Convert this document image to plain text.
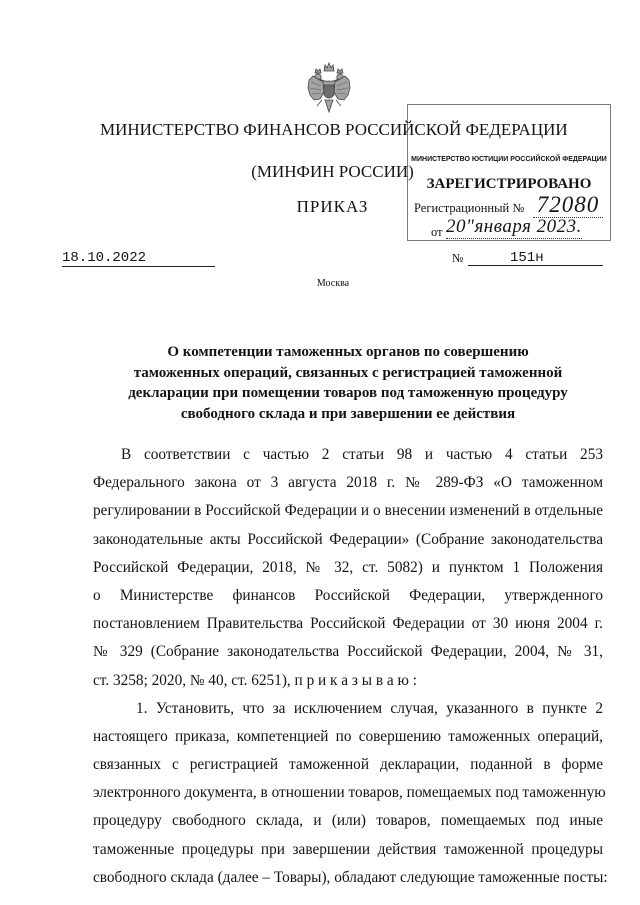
МИНИСТЕРСТВО ФИНАНСОВ РОССИЙСКОЙ ФЕДЕРАЦИИ
(МИНФИН РОССИИ)
ПРИКАЗ
МИНИСТЕРСТВО ЮСТИЦИИ РОССИЙСКОЙ ФЕДЕРАЦИИ
ЗАРЕГИСТРИРОВАНО
Регистрационный № 72080
от 20"января 2023.
18.10.2022	№	151н
Москва
О компетенции таможенных органов по совершению
таможенных операций, связанных с регистрацией таможенной
декларации при помещении товаров под таможенную процедуру
свободного склада и при завершении ее действия
В соответствии с частью 2 статьи 98 и частью 4 статьи 253
Федерального закона от 3 августа 2018 г. № 289-ФЗ «О таможенном
регулировании в Российской Федерации и о внесении изменений в отдельные
законодательные акты Российской Федерации» (Собрание законодательства
Российской Федерации, 2018, № 32, ст. 5082) и пунктом 1 Положения
о Министерстве финансов Российской Федерации, утвержденного
постановлением Правительства Российской Федерации от 30 июня 2004 г.
№ 329 (Собрание законодательства Российской Федерации, 2004, № 31,
ст. 3258; 2020, № 40, ст. 6251), п р и к а з ы в а ю :
1. Установить, что за исключением случая, указанного в пункте 2
настоящего приказа, компетенцией по совершению таможенных операций,
связанных с регистрацией таможенной декларации, поданной в форме
электронного документа, в отношении товаров, помещаемых под таможенную
процедуру свободного склада, и (или) товаров, помещаемых под иные
таможенные процедуры при завершении действия таможенной процедуры
свободного склада (далее – Товары), обладают следующие таможенные посты:
